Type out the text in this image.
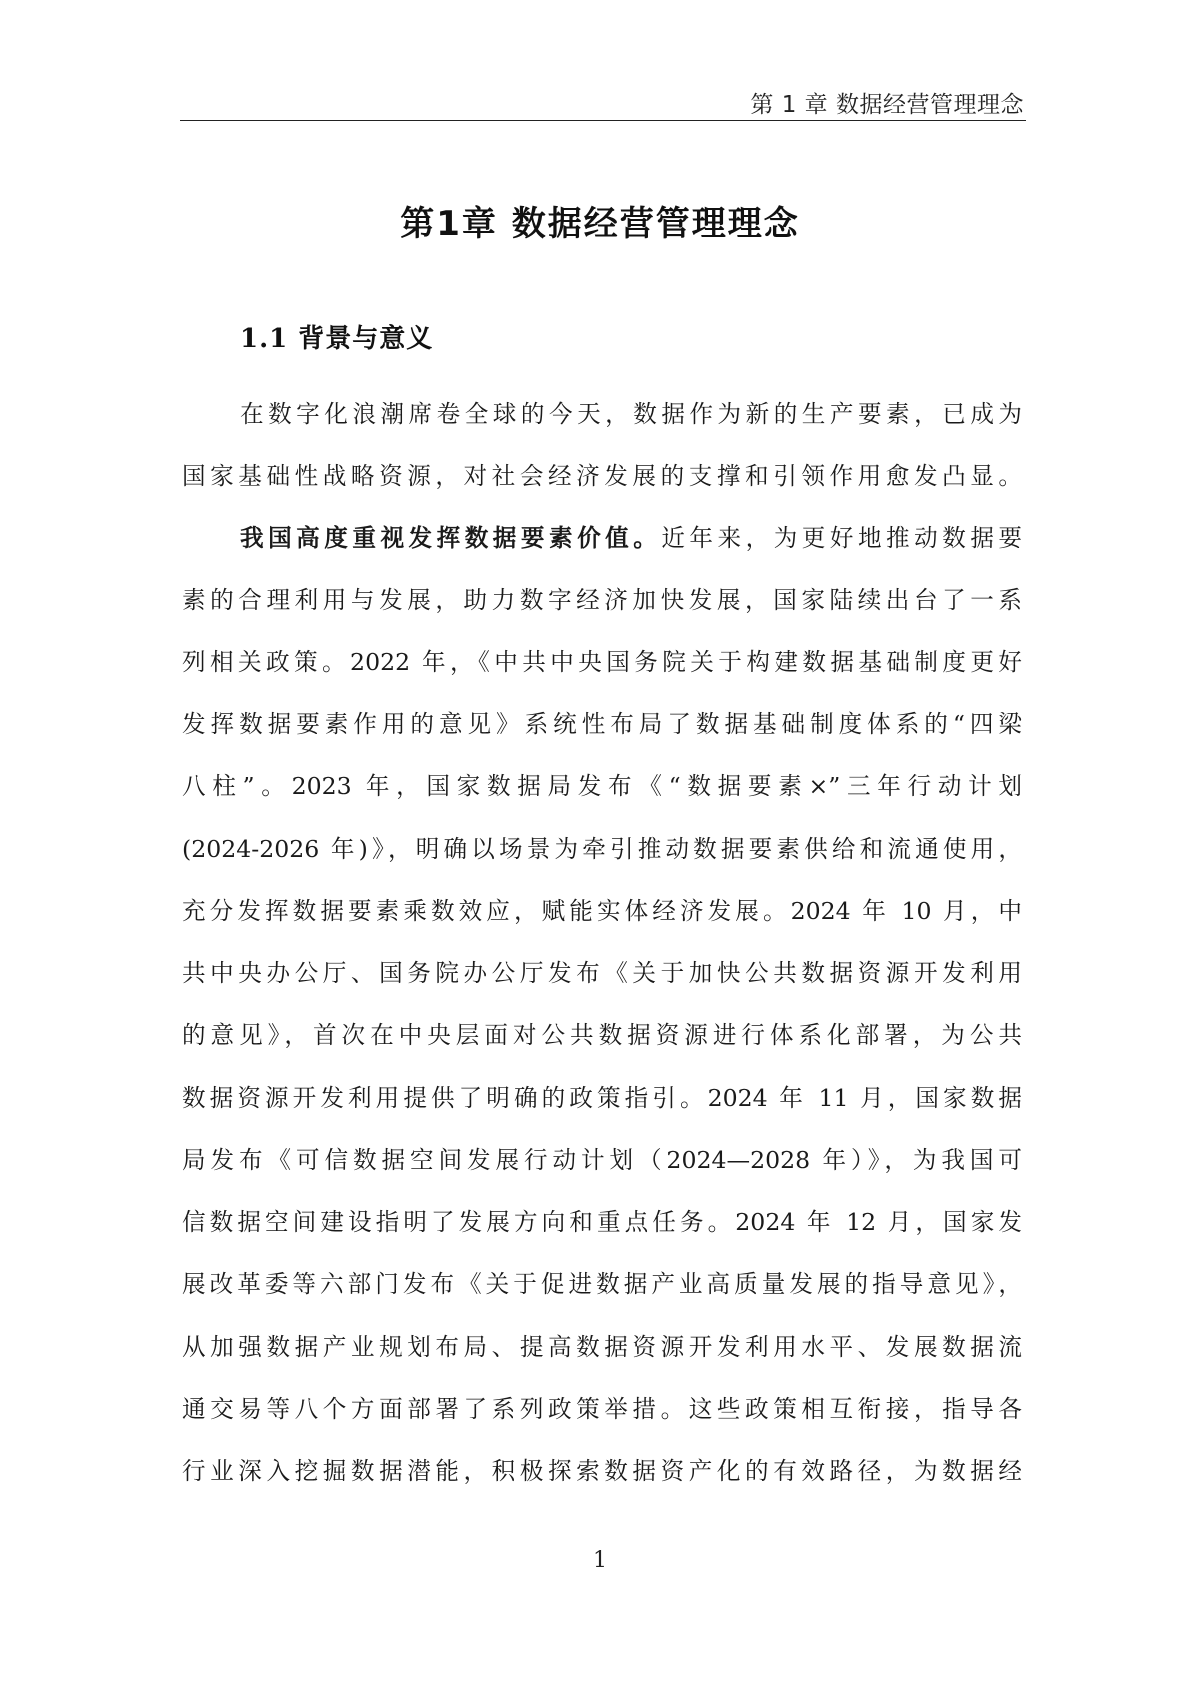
第 1 章 数据经营管理理念
第1章 数据经营管理理念
1.1 背景与意义
在数字化浪潮席卷全球的今天，数据作为新的生产要素，已成为
国家基础性战略资源，对社会经济发展的支撑和引领作用愈发凸显。
我国高度重视发挥数据要素价值。近年来，为更好地推动数据要
素的合理利用与发展，助力数字经济加快发展，国家陆续出台了一系
列相关政策。2022 年，《中共中央国务院关于构建数据基础制度更好
发挥数据要素作用的意见》系统性布局了数据基础制度体系的“四梁
八柱”。2023 年，国家数据局发布《“数据要素×”三年行动计划
(2024-2026 年)》，明确以场景为牵引推动数据要素供给和流通使用，
充分发挥数据要素乘数效应，赋能实体经济发展。2024 年 10 月，中
共中央办公厅、国务院办公厅发布《关于加快公共数据资源开发利用
的意见》，首次在中央层面对公共数据资源进行体系化部署，为公共
数据资源开发利用提供了明确的政策指引。2024 年 11 月，国家数据
局发布《可信数据空间发展行动计划（2024—2028 年）》，为我国可
信数据空间建设指明了发展方向和重点任务。2024 年 12 月，国家发
展改革委等六部门发布《关于促进数据产业高质量发展的指导意见》，
从加强数据产业规划布局、提高数据资源开发利用水平、发展数据流
通交易等八个方面部署了系列政策举措。这些政策相互衔接，指导各
行业深入挖掘数据潜能，积极探索数据资产化的有效路径，为数据经
1
